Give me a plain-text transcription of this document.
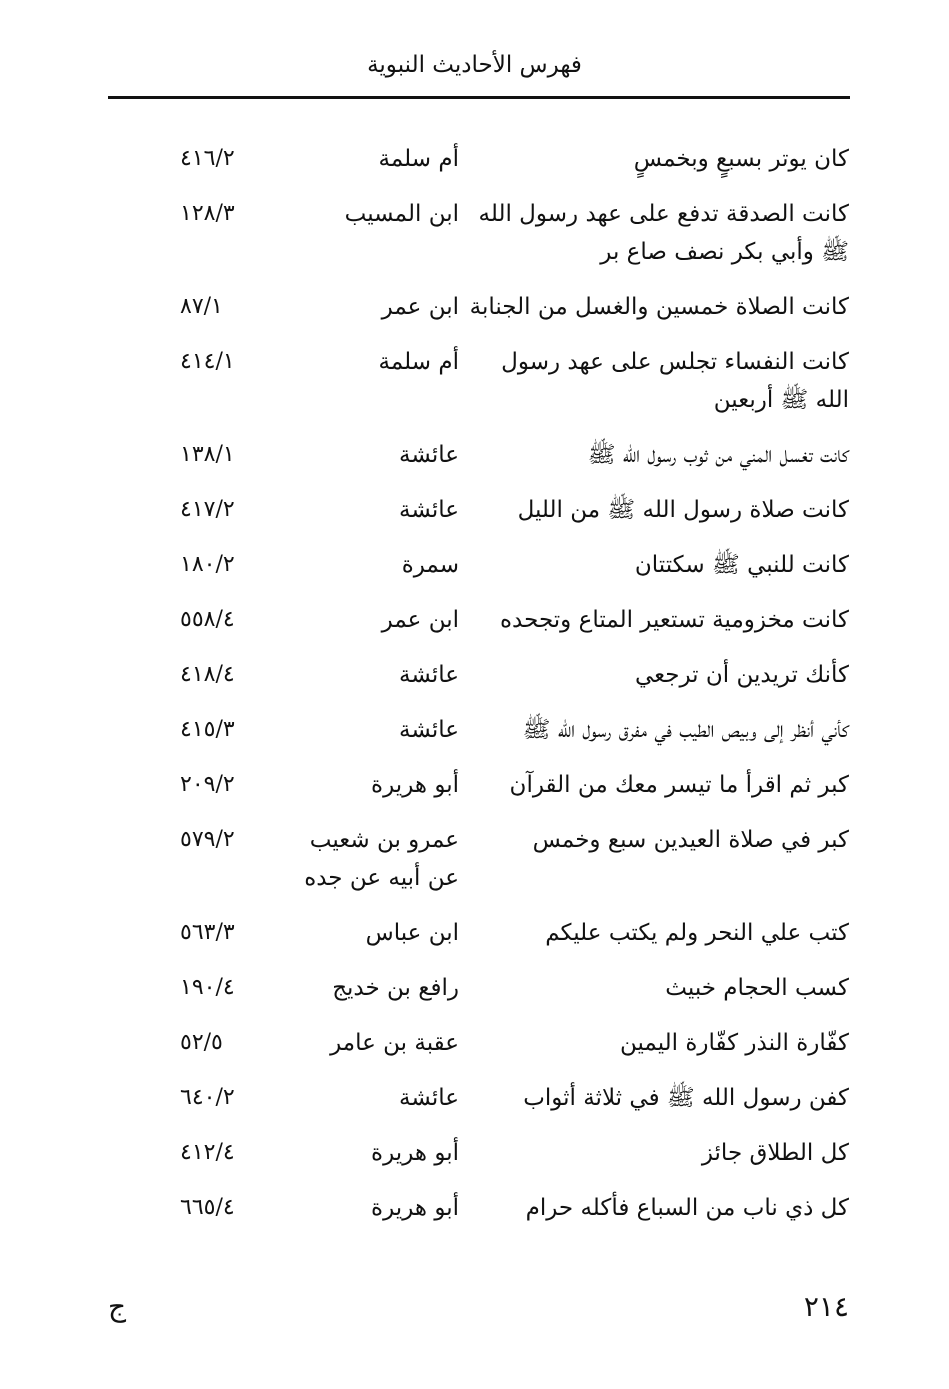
فهرس الأحاديث النبوية
كان يوتر بسبعٍ وبخمسٍ
أم سلمة
٤١٦/٢
كانت الصدقة تدفع على عهد رسول الله ﷺ وأبي بكر نصف صاع بر
ابن المسيب
١٢٨/٣
كانت الصلاة خمسين والغسل من الجنابة
ابن عمر
٨٧/١
كانت النفساء تجلس على عهد رسول الله ﷺ أربعين
أم سلمة
٤١٤/١
كانت تغسل المني من ثوب رسول الله ﷺ
عائشة
١٣٨/١
كانت صلاة رسول الله ﷺ من الليل
عائشة
٤١٧/٢
كانت للنبي ﷺ سكتتان
سمرة
١٨٠/٢
كانت مخزومية تستعير المتاع وتجحده
ابن عمر
٥٥٨/٤
كأنك تريدين أن ترجعي
عائشة
٤١٨/٤
كأني أنظر إلى وبيص الطيب في مفرق رسول الله ﷺ
عائشة
٤١٥/٣
كبر ثم اقرأ ما تيسر معك من القرآن
أبو هريرة
٢٠٩/٢
كبر في صلاة العيدين سبع وخمس
عمرو بن شعيب عن أبيه عن جده
٥٧٩/٢
كتب علي النحر ولم يكتب عليكم
ابن عباس
٥٦٣/٣
كسب الحجام خبيث
رافع بن خديج
١٩٠/٤
كفّارة النذر كفّارة اليمين
عقبة بن عامر
٥٢/٥
كفن رسول الله ﷺ في ثلاثة أثواب
عائشة
٦٤٠/٢
كل الطلاق جائز
أبو هريرة
٤١٢/٤
كل ذي ناب من السباع فأكله حرام
أبو هريرة
٦٦٥/٤
٢١٤
ج
